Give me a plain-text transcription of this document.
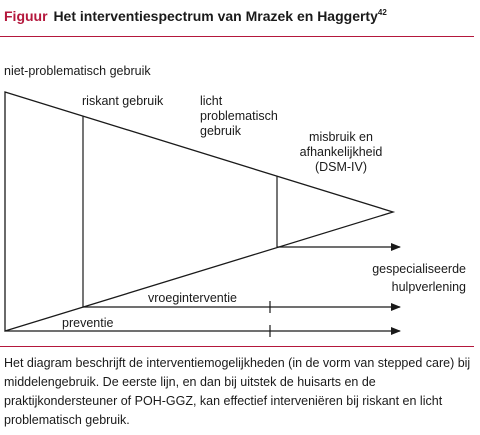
Figuur Het interventiespectrum van Mrazek en Haggerty$^{42}$
niet-problematisch gebruik
riskant gebruik	licht
problematisch
gebruik	misbruik en
afhankelijkheid
(DSM-IV)
gespecialiseerde
hulpverlening
vroeginterventie
preventie
Het diagram beschrijft de interventiemogelijkheden (in de vorm van stepped care) bij middelengebruik. De eerste lijn, en dan bij uitstek de huisarts en de praktijkondersteuner of POH-GGZ, kan effectief interveniëren bij riskant en licht problematisch gebruik.
